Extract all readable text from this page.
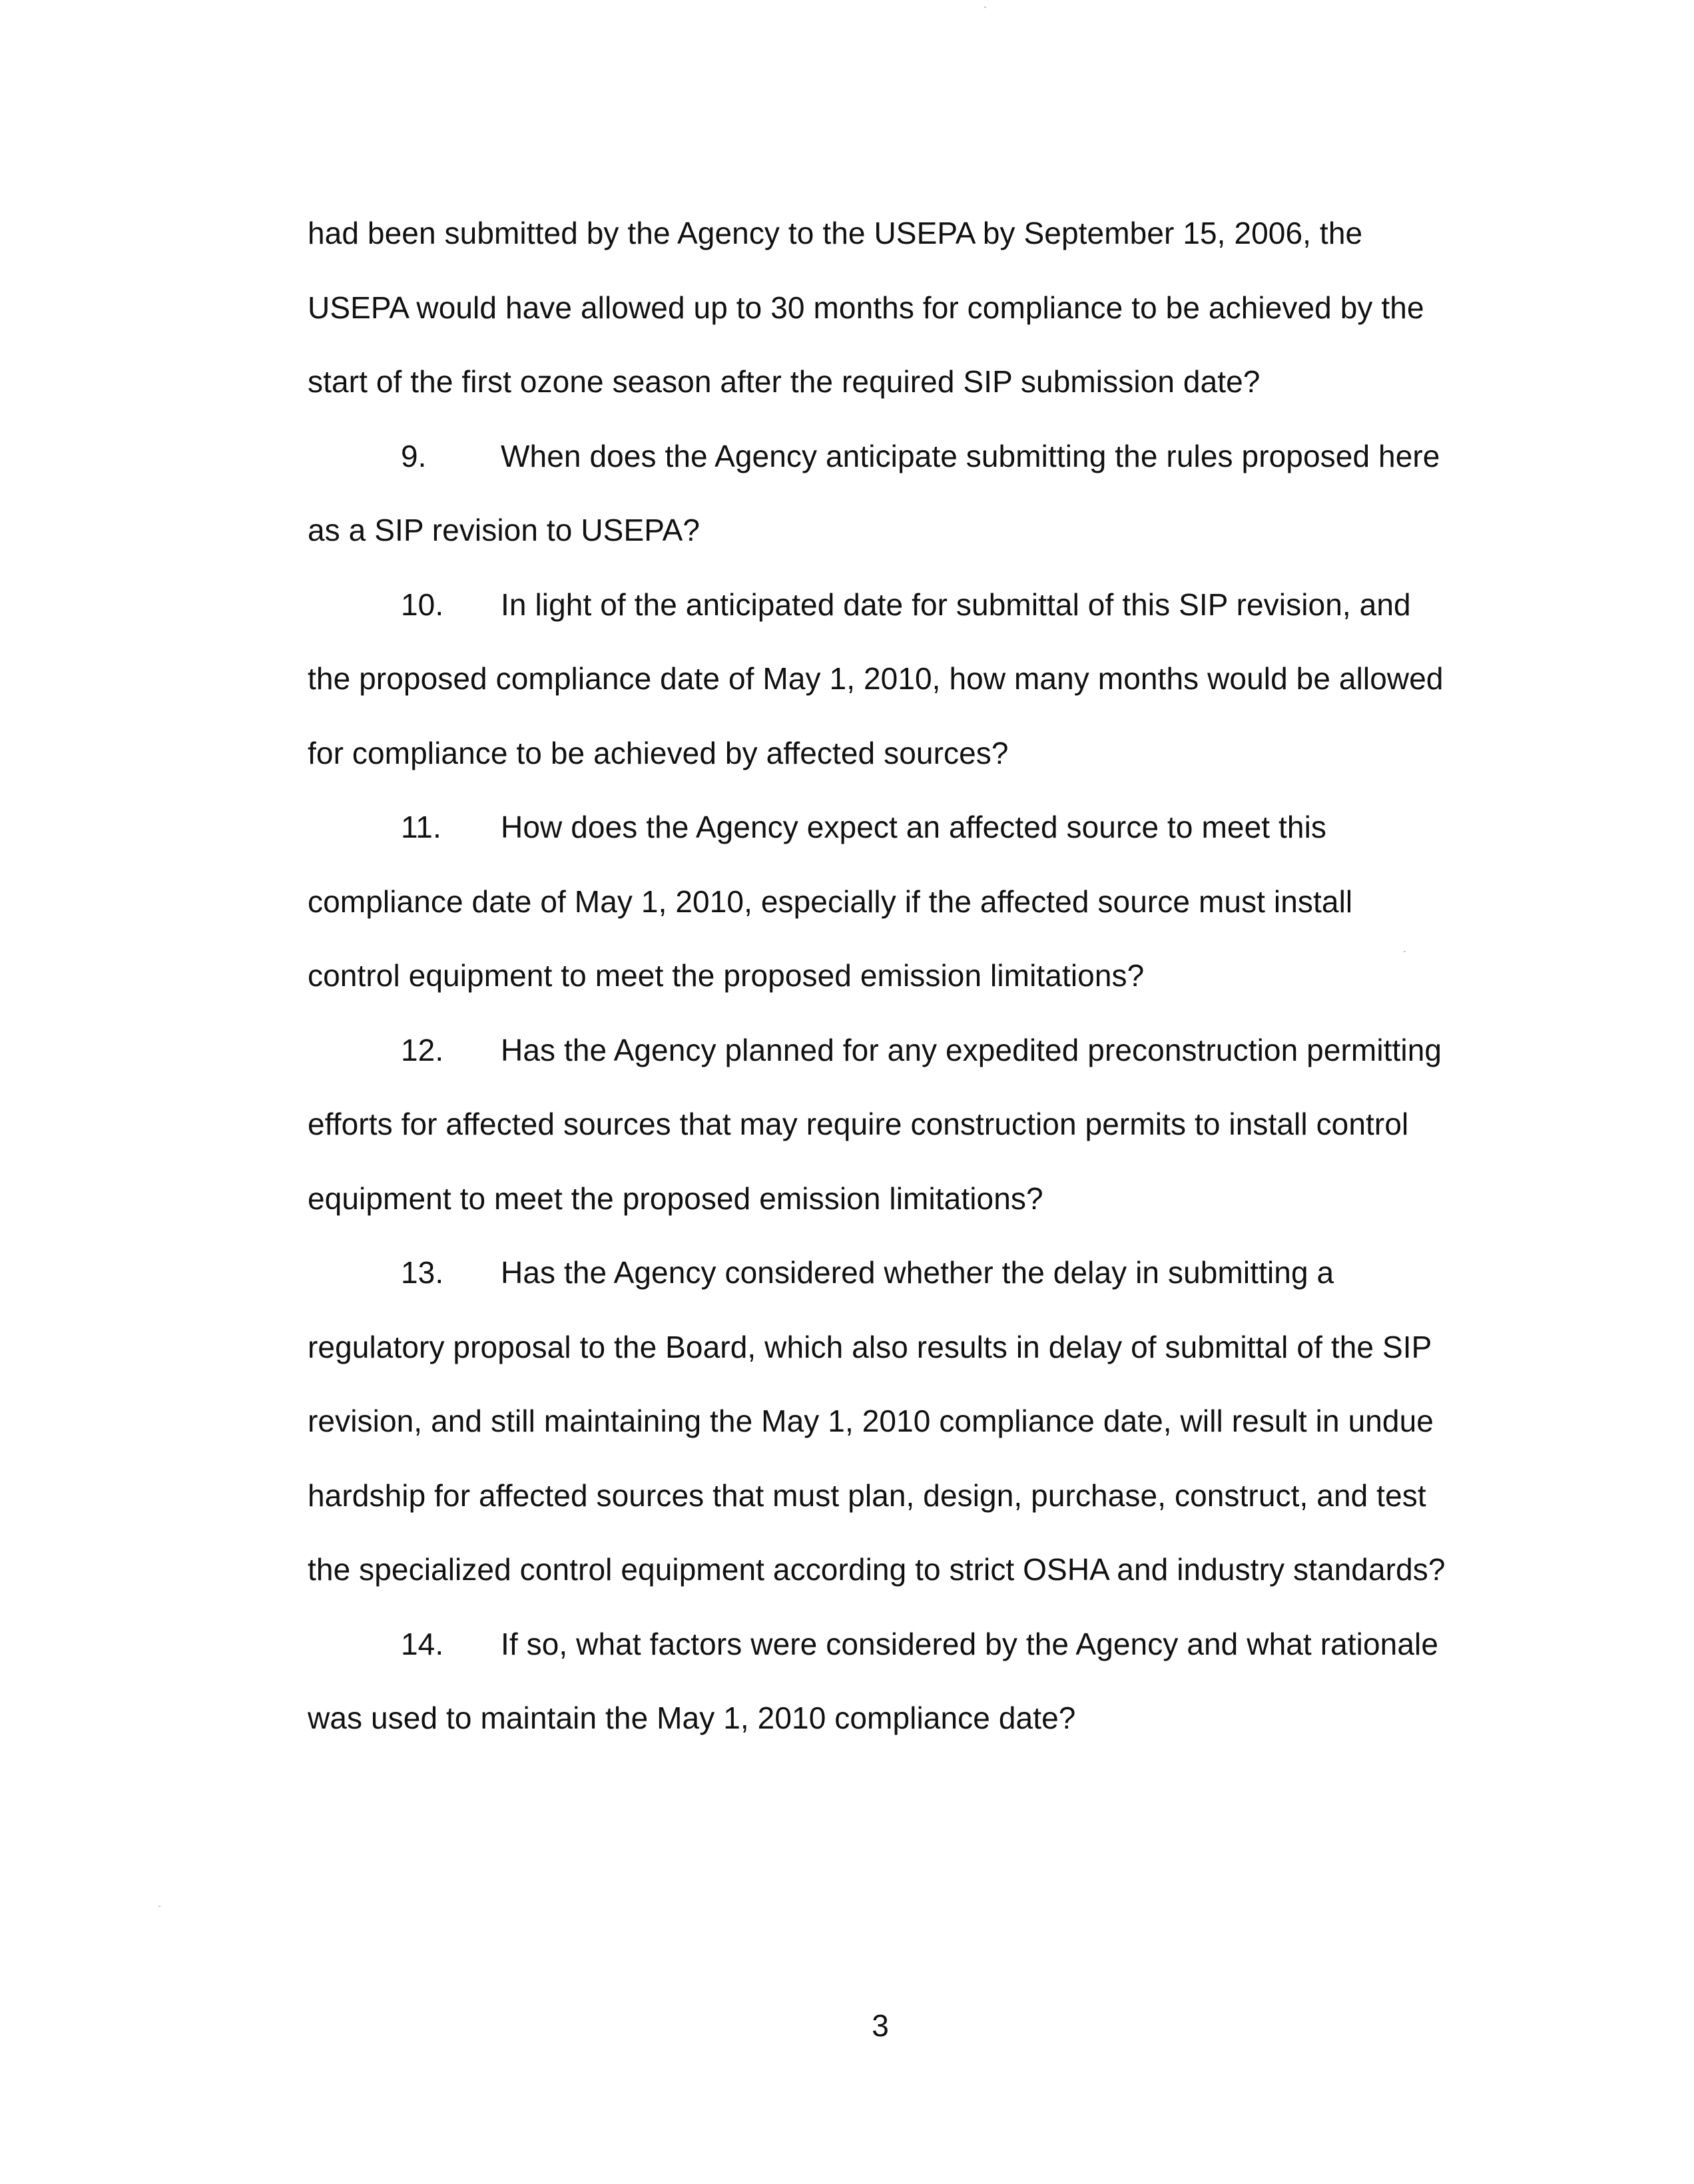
had been submitted by the Agency to the USEPA by September 15, 2006, the USEPA would have allowed up to 30 months for compliance to be achieved by the start of the first ozone season after the required SIP submission date?

9. When does the Agency anticipate submitting the rules proposed here as a SIP revision to USEPA?

10. In light of the anticipated date for submittal of this SIP revision, and the proposed compliance date of May 1, 2010, how many months would be allowed for compliance to be achieved by affected sources?

11. How does the Agency expect an affected source to meet this compliance date of May 1, 2010, especially if the affected source must install control equipment to meet the proposed emission limitations?

12. Has the Agency planned for any expedited preconstruction permitting efforts for affected sources that may require construction permits to install control equipment to meet the proposed emission limitations?

13. Has the Agency considered whether the delay in submitting a regulatory proposal to the Board, which also results in delay of submittal of the SIP revision, and still maintaining the May 1, 2010 compliance date, will result in undue hardship for affected sources that must plan, design, purchase, construct, and test the specialized control equipment according to strict OSHA and industry standards?

14. If so, what factors were considered by the Agency and what rationale was used to maintain the May 1, 2010 compliance date?

3
